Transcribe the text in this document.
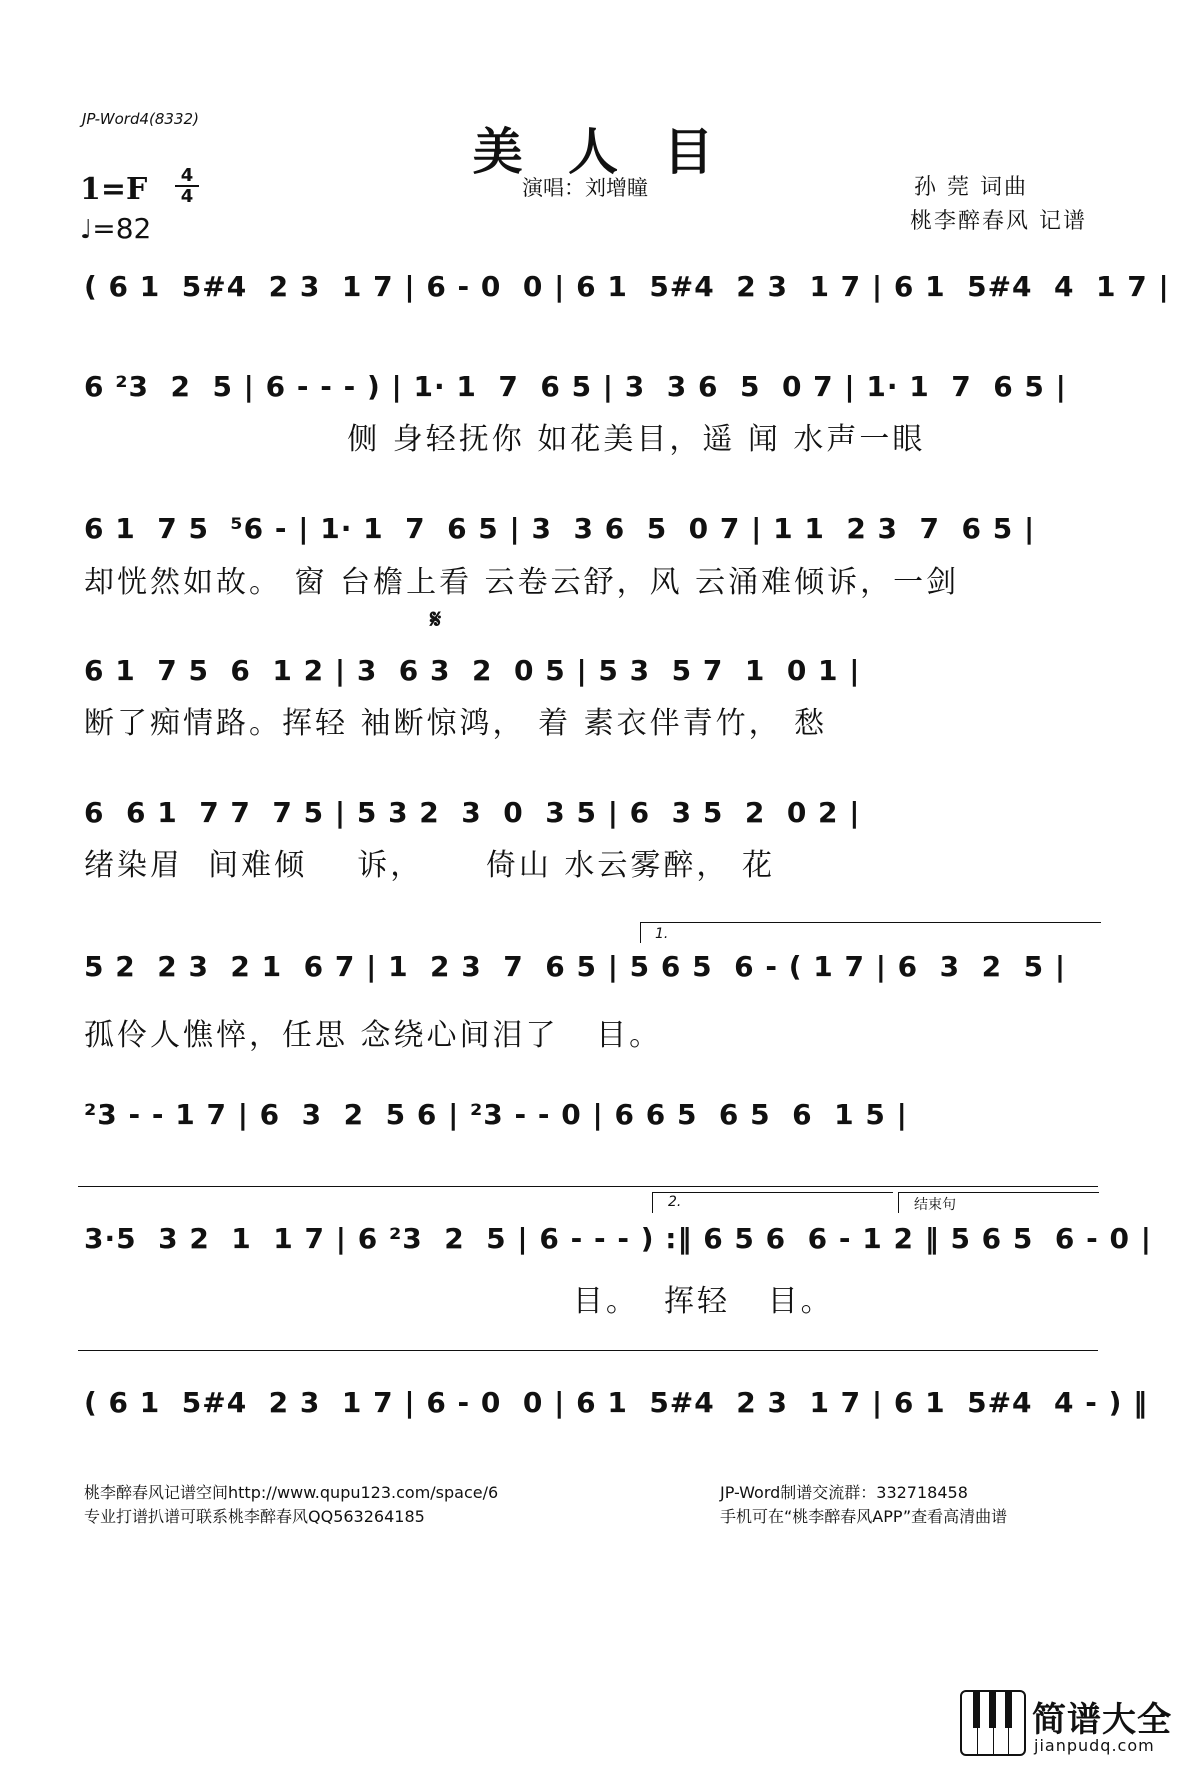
JP-Word4(8332)
美 人 目
1=F	4
4
♩=82
演唱：刘增瞳	孙 莞 词曲
桃李醉春风 记谱
( 6 1  5#4  2 3  1 7 | 6 - 0  0 | 6 1  5#4  2 3  1 7 | 6 1  5#4  4  1 7 |
6 ²3  2  5 | 6 - - - ) | 1· 1  7  6 5 | 3  3 6  5  0 7 | 1· 1  7  6 5 |
侧 身轻抚你 如花美目，遥 闻 水声一眼
6 1  7 5  ⁵6 - | 1· 1  7  6 5 | 3  3 6  5  0 7 | 1 1  2 3  7  6 5 |
却恍然如故。 窗 台檐上看 云卷云舒，风 云涌难倾诉，一剑
𝄋
6 1  7 5  6  1 2 | 3  6 3  2  0 5 | 5 3  5 7  1  0 1 |
断了痴情路。挥轻 袖断惊鸿， 着 素衣伴青竹， 愁
6  6 1  7 7  7 5 | 5 3 2  3  0  3 5 | 6  3 5  2  0 2 |
绪染眉  间难倾    诉，     倚山 水云雾醉， 花
1.
5 2  2 3  2 1  6 7 | 1  2 3  7  6 5 | 5 6 5  6 - ( 1 7 | 6  3  2  5 |
孤伶人憔悴，任思 念绕心间泪了   目。
²3 - - 1 7 | 6  3  2  5 6 | ²3 - - 0 | 6 6 5  6 5  6  1 5 |
2.	结束句
3·5  3 2  1  1 7 | 6 ²3  2  5 | 6 - - - ) :‖ 6 5 6  6 - 1 2 ‖ 5 6 5  6 - 0 |
目。  挥轻   目。
( 6 1  5#4  2 3  1 7 | 6 - 0  0 | 6 1  5#4  2 3  1 7 | 6 1  5#4  4 - ) ‖
桃李醉春风记谱空间http://www.qupu123.com/space/6
专业打谱扒谱可联系桃李醉春风QQ563264185
JP-Word制谱交流群：332718458
手机可在“桃李醉春风APP”查看高清曲谱
简谱大全
jianpudq.com
